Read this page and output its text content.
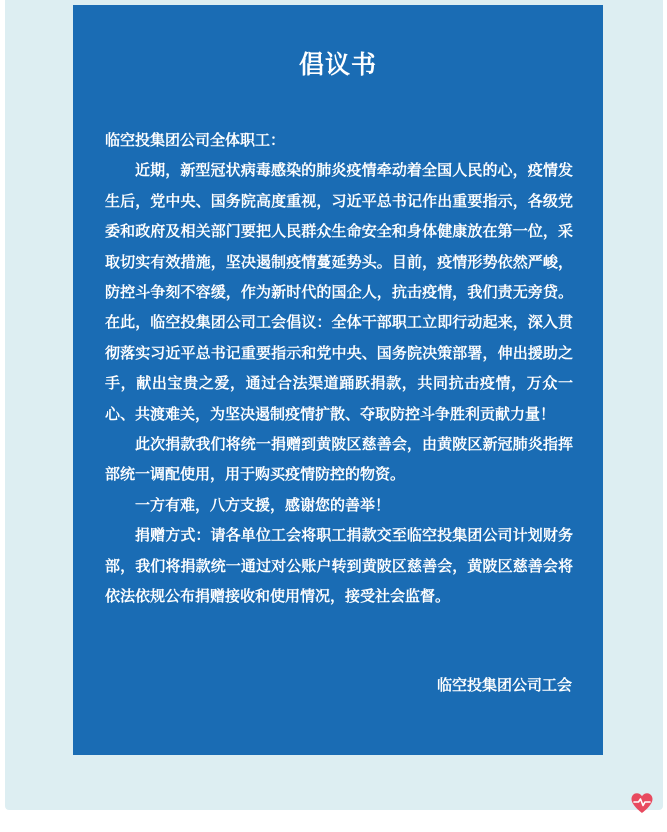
倡议书

临空投集团公司全体职工：

近期，新型冠状病毒感染的肺炎疫情牵动着全国人民的心，疫情发生后，党中央、国务院高度重视，习近平总书记作出重要指示，各级党委和政府及相关部门要把人民群众生命安全和身体健康放在第一位，采取切实有效措施，坚决遏制疫情蔓延势头。目前，疫情形势依然严峻，防控斗争刻不容缓，作为新时代的国企人，抗击疫情，我们责无旁贷。在此，临空投集团公司工会倡议：全体干部职工立即行动起来，深入贯彻落实习近平总书记重要指示和党中央、国务院决策部署，伸出援助之手，献出宝贵之爱，通过合法渠道踊跃捐款，共同抗击疫情，万众一心、共渡难关，为坚决遏制疫情扩散、夺取防控斗争胜利贡献力量！

此次捐款我们将统一捐赠到黄陂区慈善会，由黄陂区新冠肺炎指挥部统一调配使用，用于购买疫情防控的物资。

一方有难，八方支援，感谢您的善举！

捐赠方式：请各单位工会将职工捐款交至临空投集团公司计划财务部，我们将捐款统一通过对公账户转到黄陂区慈善会，黄陂区慈善会将依法依规公布捐赠接收和使用情况，接受社会监督。

临空投集团公司工会
